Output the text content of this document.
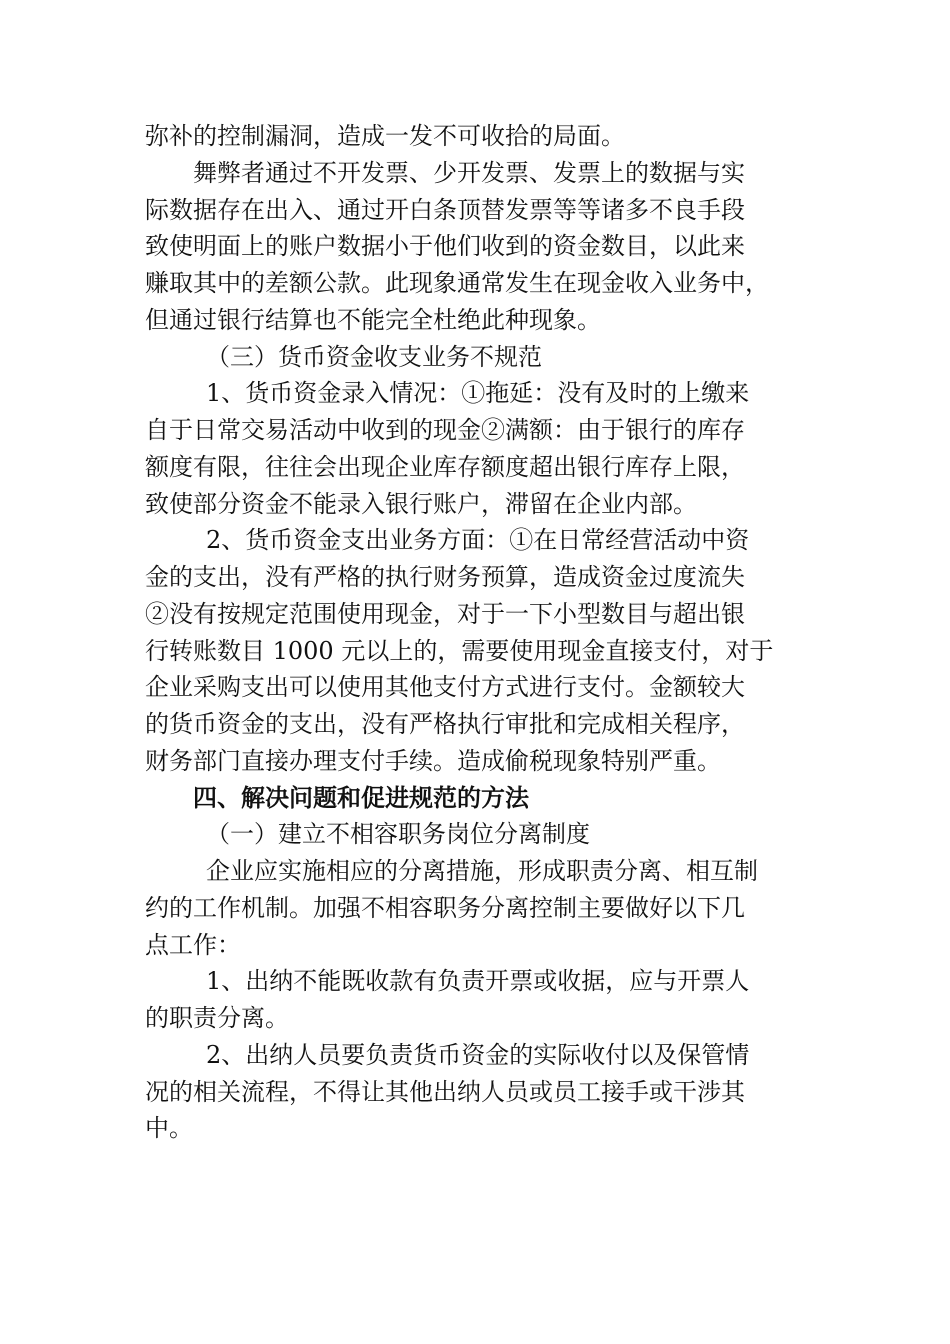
弥补的控制漏洞，造成一发不可收拾的局面。
舞弊者通过不开发票、少开发票、发票上的数据与实
际数据存在出入、通过开白条顶替发票等等诸多不良手段
致使明面上的账户数据小于他们收到的资金数目，以此来
赚取其中的差额公款。此现象通常发生在现金收入业务中，
但通过银行结算也不能完全杜绝此种现象。
（三）货币资金收支业务不规范
1、货币资金录入情况：①拖延：没有及时的上缴来
自于日常交易活动中收到的现金②满额：由于银行的库存
额度有限，往往会出现企业库存额度超出银行库存上限，
致使部分资金不能录入银行账户，滞留在企业内部。
2、货币资金支出业务方面：①在日常经营活动中资
金的支出，没有严格的执行财务预算，造成资金过度流失
②没有按规定范围使用现金，对于一下小型数目与超出银
行转账数目 1000 元以上的，需要使用现金直接支付，对于
企业采购支出可以使用其他支付方式进行支付。金额较大
的货币资金的支出，没有严格执行审批和完成相关程序，
财务部门直接办理支付手续。造成偷税现象特别严重。
四、解决问题和促进规范的方法
（一）建立不相容职务岗位分离制度
企业应实施相应的分离措施，形成职责分离、相互制
约的工作机制。加强不相容职务分离控制主要做好以下几
点工作：
1、出纳不能既收款有负责开票或收据，应与开票人
的职责分离。
2、出纳人员要负责货币资金的实际收付以及保管情
况的相关流程，不得让其他出纳人员或员工接手或干涉其
中。
